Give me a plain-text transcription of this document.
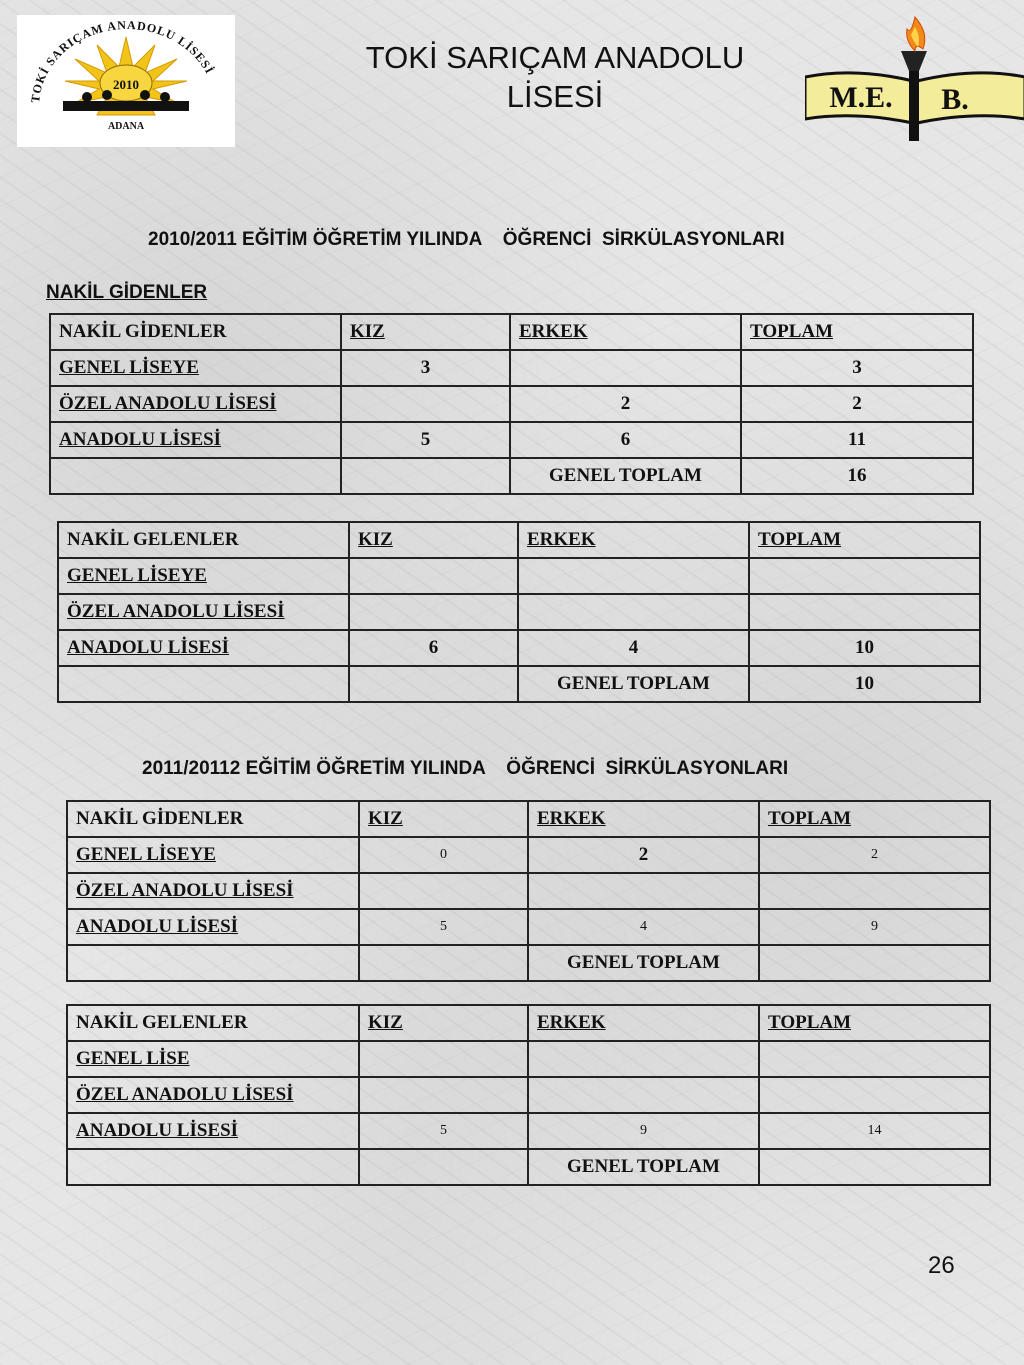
2010
TOKİ SARIÇAM ANADOLU LİSESİ
ADANA
TOKİ SARIÇAM ANADOLU
LİSESİ	M.E. B.
2010/2011 EĞİTİM ÖĞRETİM YILINDA    ÖĞRENCİ  SİRKÜLASYONLARI
NAKİL GİDENLER
NAKİL GİDENLER	KIZ	ERKEK	TOPLAM
GENEL LİSEYE	3		3
ÖZEL ANADOLU LİSESİ		2	2
ANADOLU LİSESİ	5	6	11
		GENEL TOPLAM	16
NAKİL GELENLER	KIZ	ERKEK	TOPLAM
GENEL LİSEYE			
ÖZEL ANADOLU LİSESİ			
ANADOLU LİSESİ	6	4	10
		GENEL TOPLAM	10
2011/20112 EĞİTİM ÖĞRETİM YILINDA    ÖĞRENCİ  SİRKÜLASYONLARI
NAKİL GİDENLER	KIZ	ERKEK	TOPLAM
GENEL LİSEYE	0	2	2
ÖZEL ANADOLU LİSESİ			
ANADOLU LİSESİ	5	4	9
		GENEL TOPLAM	
NAKİL GELENLER	KIZ	ERKEK	TOPLAM
GENEL LİSE			
ÖZEL ANADOLU LİSESİ			
ANADOLU LİSESİ	5	9	14
		GENEL TOPLAM	
26
